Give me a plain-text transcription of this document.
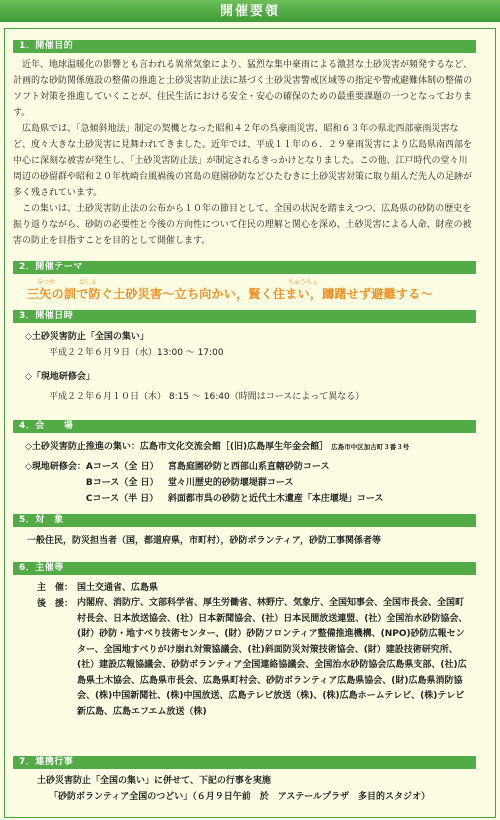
開催要領
1．開催目的

近年、地球温暖化の影響とも言われる異常気象により、猛烈な集中豪雨による激甚な土砂災害が頻発するなど、計画的な砂防関係施設の整備の推進と土砂災害防止法に基づく土砂災害警戒区域等の指定や警戒避難体制の整備のソフト対策を推進していくことが、住民生活における安全・安心の確保のための最重要課題の一つとなっております。

広島県では、「急傾斜地法」制定の契機となった昭和４２年の呉豪雨災害、昭和６３年の県北西部豪雨災害など、度々大きな土砂災害に見舞われてきました。近年では、平成１１年の６．２９豪雨災害により広島県南西部を中心に深刻な被害が発生し、「土砂災害防止法」が制定されるきっかけとなりました。この他、江戸時代の堂々川周辺の砂留群や昭和２０年枕崎台風禍後の宮島の庭園砂防などひたむきに土砂災害対策に取り組んだ先人の足跡が多く残されています。

この集いは、土砂災害防止法の公布から１０年の節目として、全国の状況を踏まえつつ、広島県の砂防の歴史を振り返りながら、砂防の必要性と今後の方向性について住民の理解と関心を深め、土砂災害による人命、財産の被害の防止を目指すことを目的として開催します。

2．開催テーマ
みつや	おしえ	ちゅうちょ
三矢の訓で防ぐ土砂災害〜立ち向かい，賢く住まい，躊躇せず避難する〜
3．開催日時
◇土砂災害防止「全国の集い」
平成２２年６月９日（水）13:00 〜 17:00
◇「現地研修会」
平成２２年６月１０日（木） 8:15 〜 16:40（時間はコースによって異なる）
4．会　　場
◇土砂災害防止推進の集い：広島市文化交流会館［(旧)広島厚生年金会館］ 広島市中区加古町３番３号
◇現地研修会：	Aコース（全 日）	宮島庭園砂防と西部山系直轄砂防コース
	Bコース（全 日）	堂々川歴史的砂防堰堤群コース
	Cコース（半 日）	斜面都市呉の砂防と近代土木遺産「本庄堰堤」コース
5．対　象
一般住民，防災担当者（国，都道府県，市町村），砂防ボランティア，砂防工事関係者等
6．主催等
主　催：	国土交通省、広島県
後　援：	内閣府、消防庁、文部科学省、厚生労働省、林野庁、気象庁、全国知事会、全国市長会、全国町村長会、日本放送協会、(社）日本新聞協会、(社）日本民間放送連盟、(社）全国治水砂防協会、(財）砂防・地すべり技術センター、(財）砂防フロンティア整備推進機構、(NPO)砂防広報センター、全国地すべりがけ崩れ対策協議会、(社)斜面防災対策技術協会、(財）建設技術研究所、(社）建設広報協議会、砂防ボランティア全国連絡協議会、全国治水砂防協会広島県支部、(社)広島県土木協会、広島県市長会、広島県町村会、砂防ボランティア広島県協会、(財)広島県消防協会、(株)中国新聞社、(株)中国放送、広島テレビ放送（株)、(株)広島ホームテレビ、(株)テレビ新広島、広島エフエム放送（株)
7．連携行事
土砂災害防止「全国の集い」に併せて、下記の行事を実施
「砂防ボランティア全国のつどい」（６月９日午前　於　アステールプラザ　多目的スタジオ）
